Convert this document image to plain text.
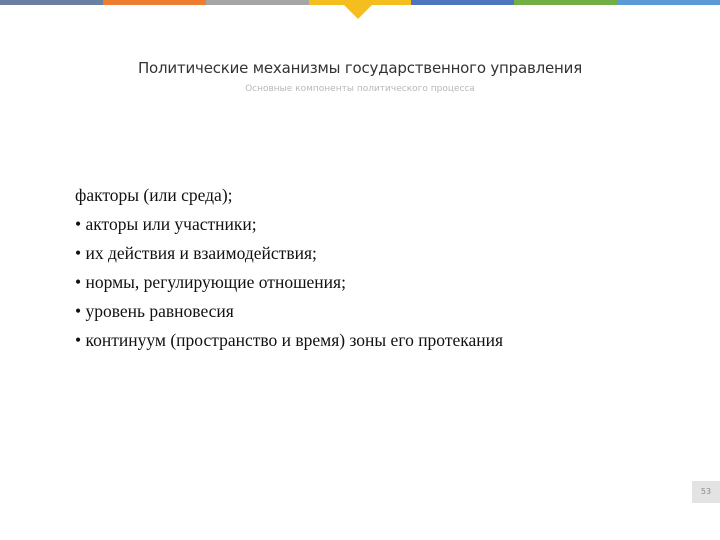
Политические механизмы государственного управления
Основные компоненты политического процесса
факторы (или среда);
• акторы или участники;
• их действия и взаимодействия;
• нормы, регулирующие отношения;
• уровень равновесия
• континуум (пространство и время) зоны его протекания
53
